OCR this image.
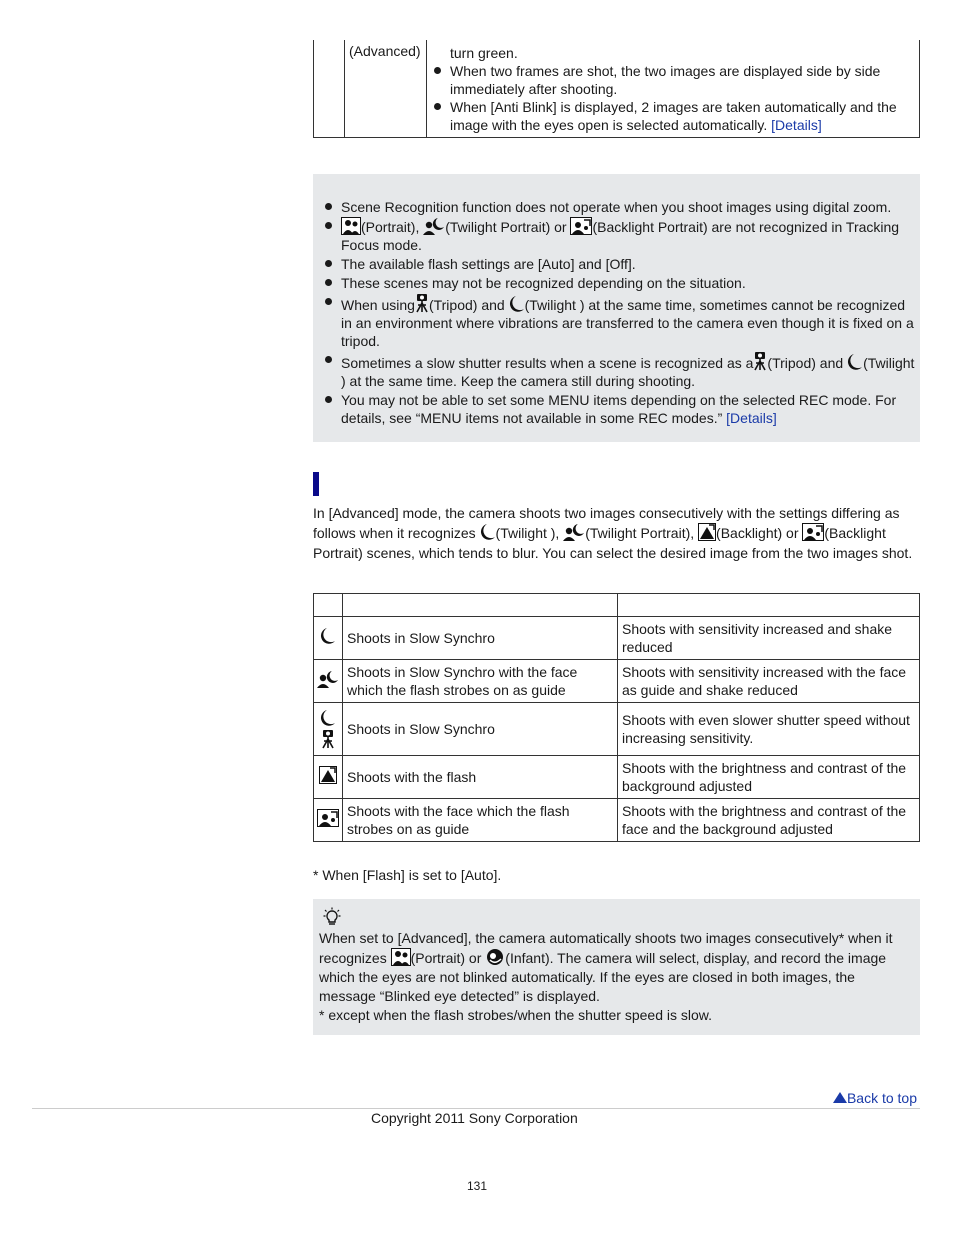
(Advanced)	turn green.
When two frames are shot, the two images are displayed side by side immediately after shooting.
When [Anti Blink] is displayed, 2 images are taken automatically and the image with the eyes open is selected automatically. [Details]
Scene Recognition function does not operate when you shoot images using digital zoom.
(Portrait), (Twilight Portrait) or (Backlight Portrait) are not recognized in Tracking Focus mode.
The available flash settings are [Auto] and [Off].
These scenes may not be recognized depending on the situation.
When using (Tripod) and (Twilight ) at the same time, sometimes cannot be recognized in an environment where vibrations are transferred to the camera even though it is fixed on a tripod.
Sometimes a slow shutter results when a scene is recognized as a (Tripod) and (Twilight ) at the same time. Keep the camera still during shooting.
You may not be able to set some MENU items depending on the selected REC mode. For details, see “MENU items not available in some REC modes.” [Details]
In [Advanced] mode, the camera shoots two images consecutively with the settings differing as follows when it recognizes (Twilight ), (Twilight Portrait), (Backlight) or (Backlight Portrait) scenes, which tends to blur. You can select the desired image from the two images shot.

	Shoots in Slow Synchro	Shoots with sensitivity increased and shake reduced
	Shoots in Slow Synchro with the face which the flash strobes on as guide	Shoots with sensitivity increased with the face as guide and shake reduced

	Shoots in Slow Synchro	Shoots with even slower shutter speed without increasing sensitivity.
	Shoots with the flash	Shoots with the brightness and contrast of the background adjusted
	Shoots with the face which the flash strobes on as guide	Shoots with the brightness and contrast of the face and the background adjusted
* When [Flash] is set to [Auto].
When set to [Advanced], the camera automatically shoots two images consecutively* when it
recognizes (Portrait) or (Infant). The camera will select, display, and record the image which the eyes are not blinked automatically. If the eyes are closed in both images, the message “Blinked eye detected” is displayed.
* except when the flash strobes/when the shutter speed is slow.
Back to top
Copyright 2011 Sony Corporation
131
